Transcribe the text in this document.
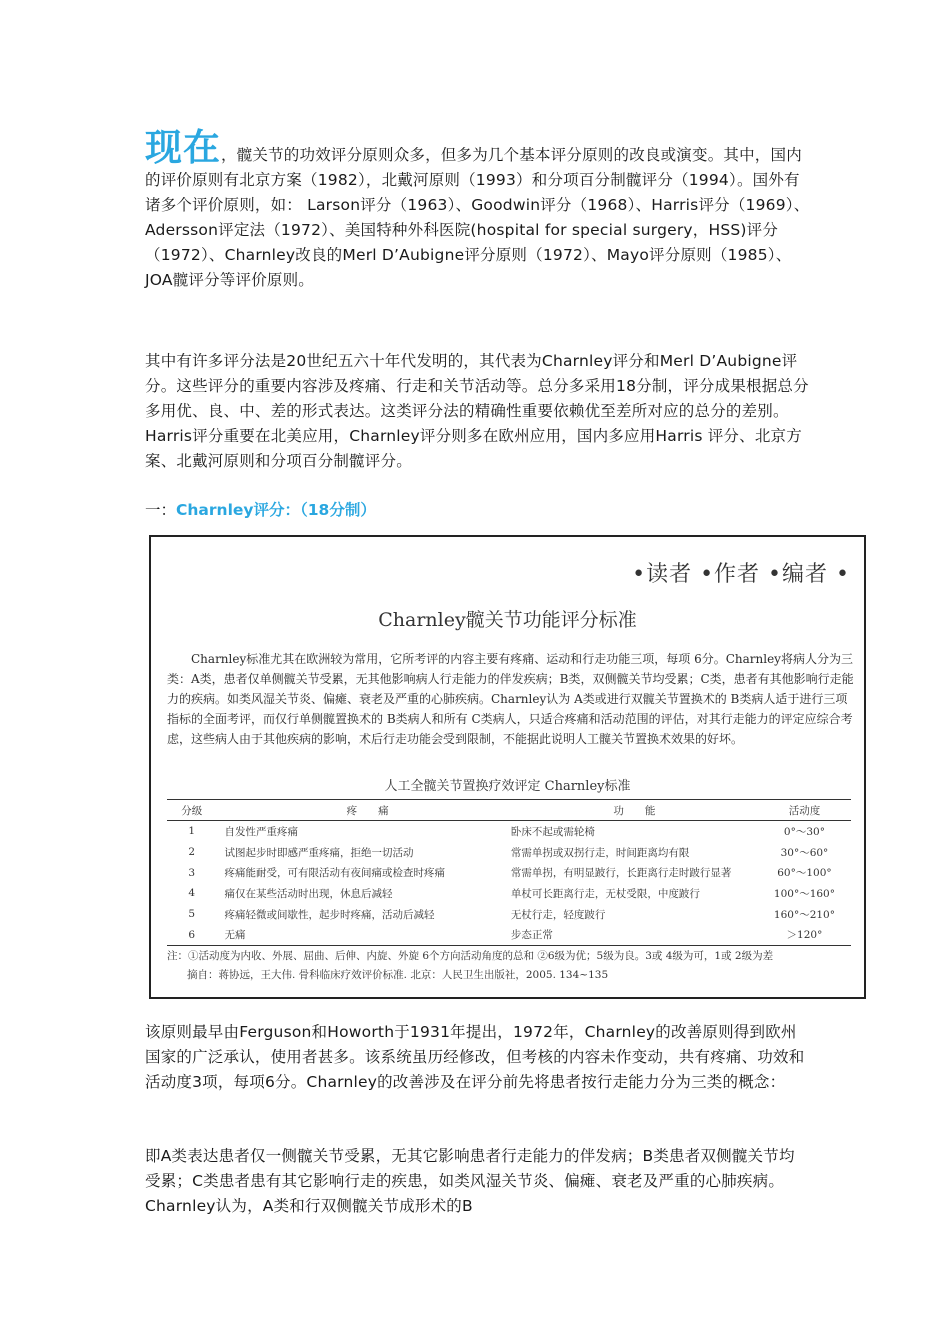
现在，髋关节的功效评分原则众多，但多为几个基本评分原则的改良或演变。其中，国内的评价原则有北京方案（1982），北戴河原则（1993）和分项百分制髋评分（1994）。国外有诸多个评价原则，如： Larson评分（1963）、Goodwin评分（1968）、Harris评分（1969）、Adersson评定法（1972）、美国特种外科医院(hospital for special surgery，HSS)评分（1972）、Charnley改良的Merl D’Aubigne评分原则（1972）、Mayo评分原则（1985）、JOA髋评分等评价原则。

其中有许多评分法是20世纪五六十年代发明的，其代表为Charnley评分和Merl D’Aubigne评分。这些评分的重要内容涉及疼痛、行走和关节活动等。总分多采用18分制，评分成果根据总分多用优、良、中、差的形式表达。这类评分法的精确性重要依赖优至差所对应的总分的差别。Harris评分重要在北美应用，Charnley评分则多在欧州应用，国内多应用Harris 评分、北京方案、北戴河原则和分项百分制髋评分。

一：Charnley评分：（18分制）

该原则最早由Ferguson和Howorth于1931年提出，1972年，Charnley的改善原则得到欧州国家的广泛承认，使用者甚多。该系统虽历经修改，但考核的内容未作变动，共有疼痛、功效和活动度3项，每项6分。Charnley的改善涉及在评分前先将患者按行走能力分为三类的概念：

即A类表达患者仅一侧髋关节受累，无其它影响患者行走能力的伴发病；B类患者双侧髋关节均受累；C类患者患有其它影响行走的疾患，如类风湿关节炎、偏瘫、衰老及严重的心肺疾病。Charnley认为，A类和行双侧髋关节成形术的B

•读者 •作者 •编者 •
Charnley髋关节功能评分标准
Charnley标准尤其在欧洲较为常用，它所考评的内容主要有疼痛、运动和行走功能三项，每项 6分。Charnley将病人分为三类：A类，患者仅单侧髋关节受累，无其他影响病人行走能力的伴发疾病；B类，双侧髋关节均受累；C类，患者有其他影响行走能力的疾病。如类风湿关节炎、偏瘫、衰老及严重的心肺疾病。Charnley认为 A类或进行双髋关节置换术的 B类病人适于进行三项指标的全面考评，而仅行单侧髋置换术的 B类病人和所有 C类病人，只适合疼痛和活动范围的评估，对其行走能力的评定应综合考虑，这些病人由于其他疾病的影响，术后行走功能会受到限制，不能据此说明人工髋关节置换术效果的好坏。
人工全髋关节置换疗效评定 Charnley标准
分级	疼　　痛	功　　能	活动度
1	自发性严重疼痛	卧床不起或需轮椅	0°～30°
2	试图起步时即感严重疼痛，拒绝一切活动	常需单拐或双拐行走，时间距离均有限	30°～60°
3	疼痛能耐受，可有限活动有夜间痛或检查时疼痛	常需单拐，有明显跛行，长距离行走时跛行显著	60°～100°
4	痛仅在某些活动时出现，休息后减轻	单杖可长距离行走，无杖受限，中度跛行	100°～160°
5	疼痛轻微或间歇性，起步时疼痛，活动后减轻	无杖行走，轻度跛行	160°～210°
6	无痛	步态正常	＞120°
注：①活动度为内收、外展、屈曲、后伸、内旋、外旋 6个方向活动角度的总和 ②6级为优；5级为良。3或 4级为可，1或 2级为差
摘自：蒋协远，王大伟. 骨科临床疗效评价标准. 北京：人民卫生出版社，2005. 134~135
